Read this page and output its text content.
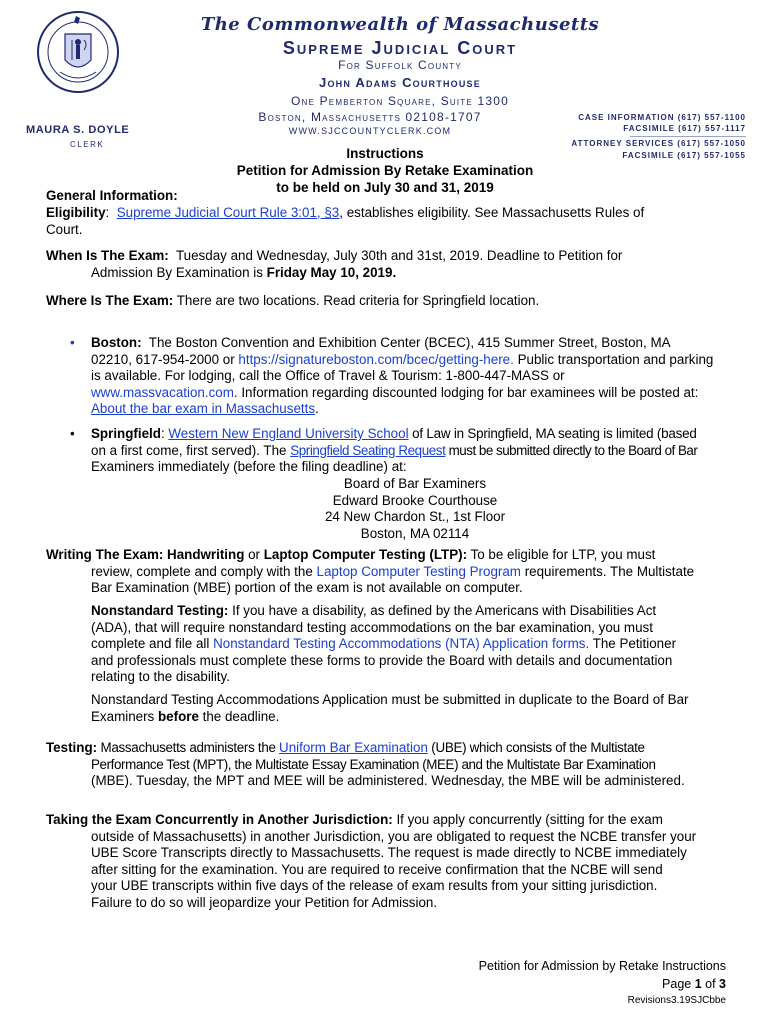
MAURA S. DOYLE
CLERK
The Commonwealth of Massachusetts
Supreme Judicial Court
For Suffolk County
John Adams Courthouse
One Pemberton Square, Suite 1300
Boston, Massachusetts 02108-1707
WWW.SJCCOUNTYCLERK.COM
CASE INFORMATION (617) 557-1100
FACSIMILE (617) 557-1117
ATTORNEY SERVICES (617) 557-1050
FACSIMILE (617) 557-1055
Instructions
Petition for Admission By Retake Examination
to be held on July 30 and 31, 2019
General Information:
Eligibility:  Supreme Judicial Court Rule 3:01, §3, establishes eligibility. See Massachusetts Rules of
Court.
When Is The Exam: Tuesday and Wednesday, July 30th and 31st, 2019. Deadline to Petition for
Admission By Examination is Friday May 10, 2019.
Where Is The Exam: There are two locations. Read criteria for Springfield location.
•	Boston: The Boston Convention and Exhibition Center (BCEC), 415 Summer Street, Boston, MA
02210, 617-954-2000 or https://signatureboston.com/bcec/getting-here. Public transportation and parking
is available. For lodging, call the Office of Travel & Tourism: 1-800-447-MASS or
www.massvacation.com. Information regarding discounted lodging for bar examinees will be posted at:
About the bar exam in Massachusetts.
•	Springfield: Western New England University School of Law in Springfield, MA seating is limited (based
on a first come, first served). The Springfield Seating Request must be submitted directly to the Board of Bar
Examiners immediately (before the filing deadline) at:
Board of Bar Examiners
Edward Brooke Courthouse
24 New Chardon St., 1st Floor
Boston, MA 02114
Writing The Exam: Handwriting or Laptop Computer Testing (LTP): To be eligible for LTP, you must
review, complete and comply with the Laptop Computer Testing Program requirements. The Multistate
Bar Examination (MBE) portion of the exam is not available on computer.
Nonstandard Testing: If you have a disability, as defined by the Americans with Disabilities Act
(ADA), that will require nonstandard testing accommodations on the bar examination, you must
complete and file all Nonstandard Testing Accommodations (NTA) Application forms. The Petitioner
and professionals must complete these forms to provide the Board with details and documentation
relating to the disability.
Nonstandard Testing Accommodations Application must be submitted in duplicate to the Board of Bar
Examiners before the deadline.
Testing: Massachusetts administers the Uniform Bar Examination (UBE) which consists of the Multistate
Performance Test (MPT), the Multistate Essay Examination (MEE) and the Multistate Bar Examination
(MBE). Tuesday, the MPT and MEE will be administered. Wednesday, the MBE will be administered.
Taking the Exam Concurrently in Another Jurisdiction: If you apply concurrently (sitting for the exam
outside of Massachusetts) in another Jurisdiction, you are obligated to request the NCBE transfer your
UBE Score Transcripts directly to Massachusetts. The request is made directly to NCBE immediately
after sitting for the examination. You are required to receive confirmation that the NCBE will send
your UBE transcripts within five days of the release of exam results from your sitting jurisdiction.
Failure to do so will jeopardize your Petition for Admission.
Petition for Admission by Retake Instructions
Page 1 of 3
Revisions3.19SJCbbe
